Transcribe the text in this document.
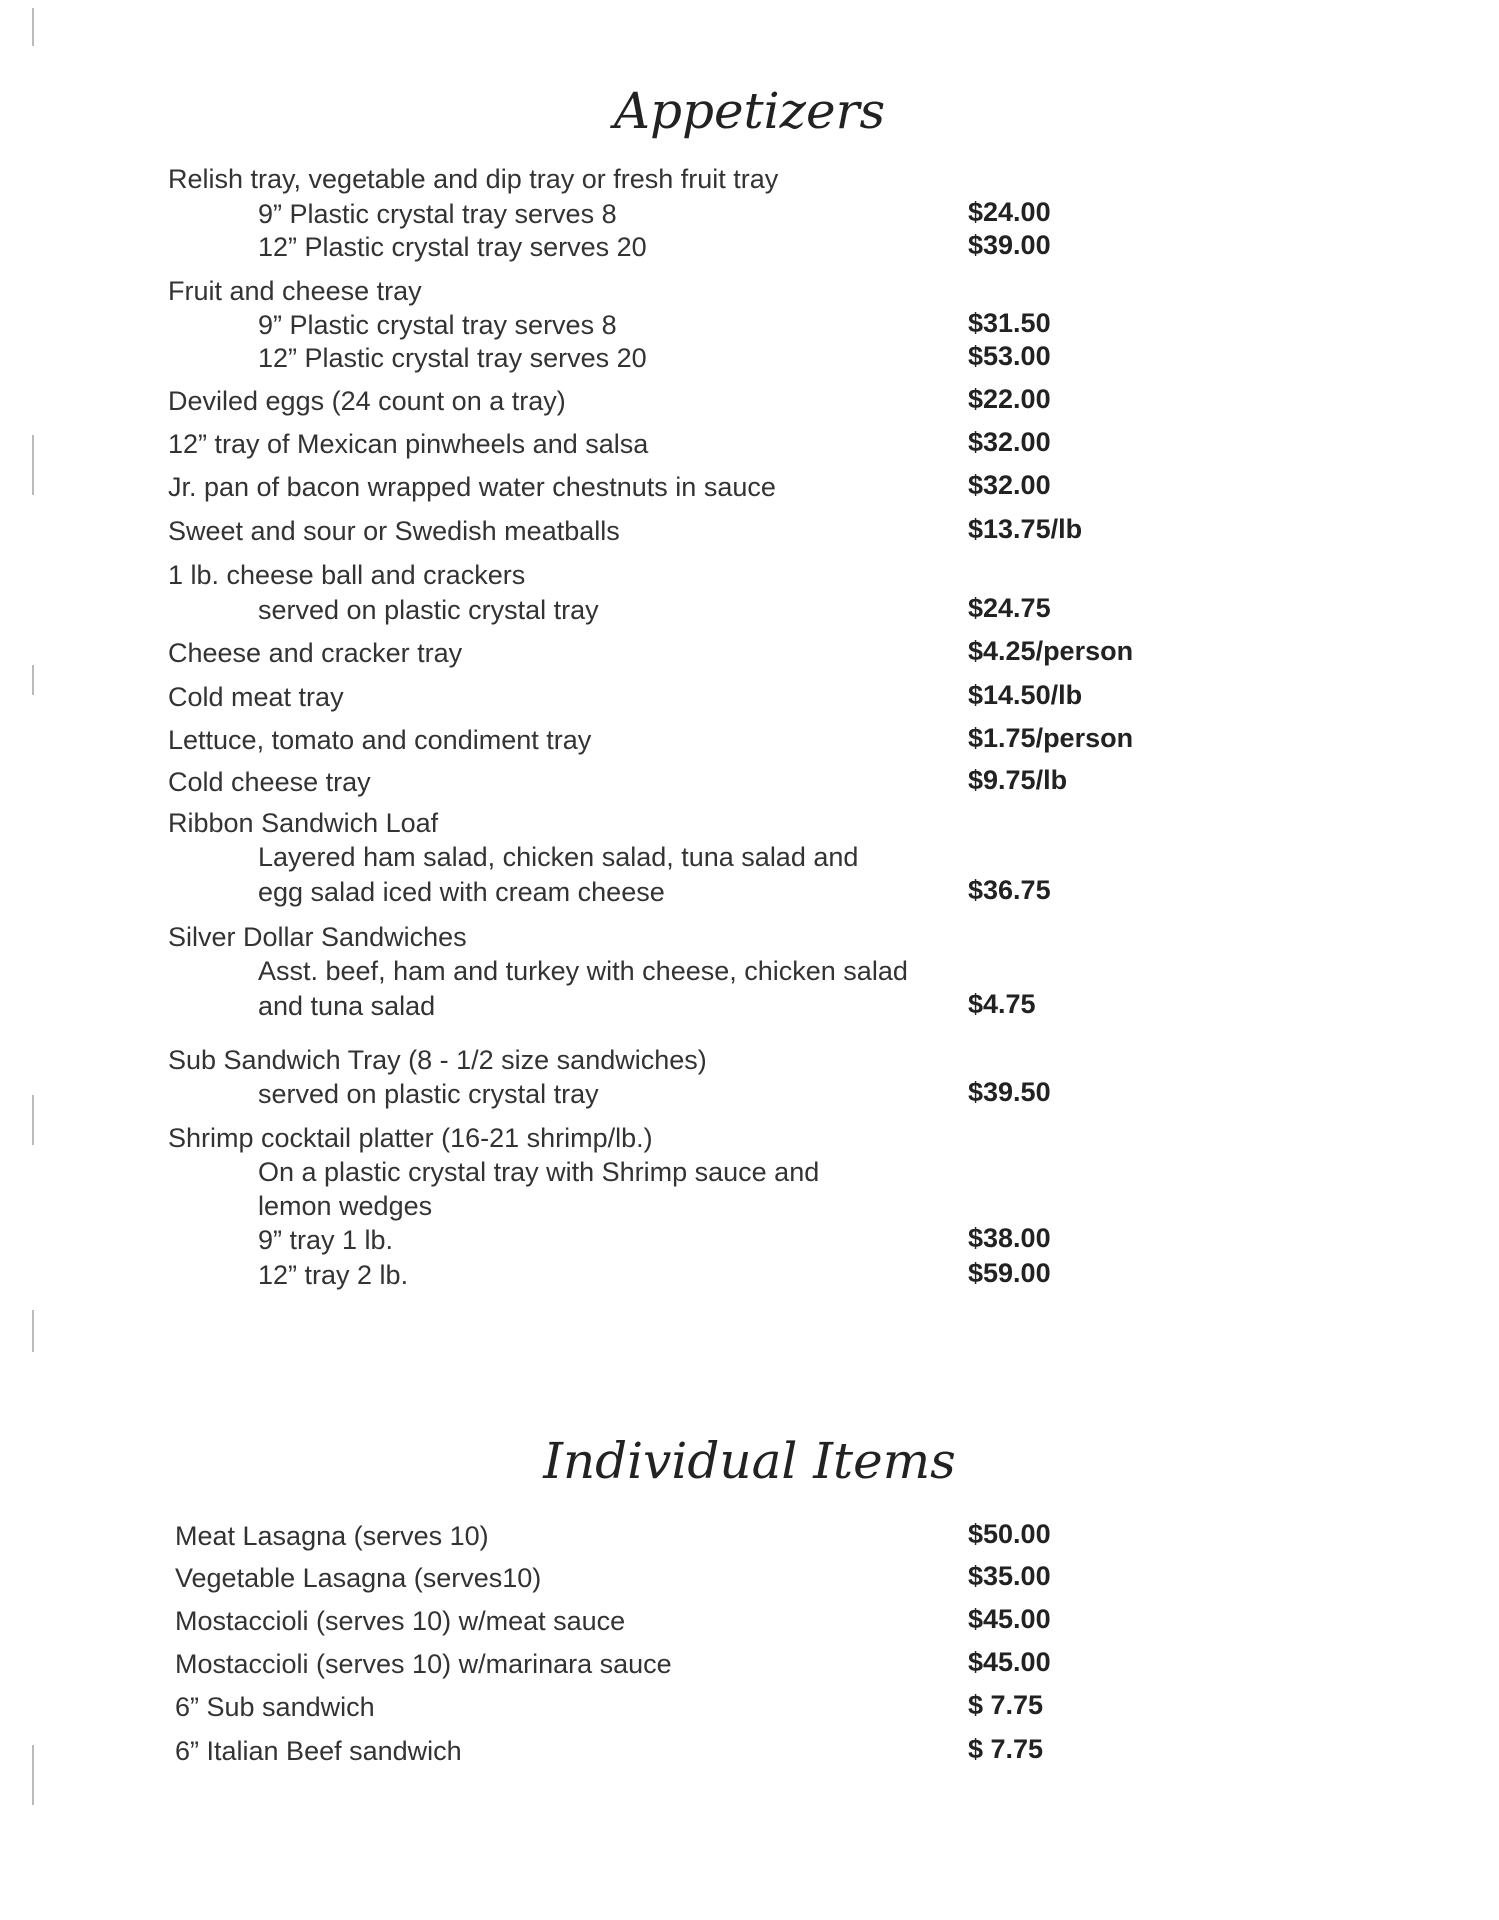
Appetizers
Relish tray, vegetable and dip tray or fresh fruit tray
9” Plastic crystal tray serves 8	$24.00
12” Plastic crystal tray serves 20	$39.00
Fruit and cheese tray
9” Plastic crystal tray serves 8	$31.50
12” Plastic crystal tray serves 20	$53.00
Deviled eggs (24 count on a tray)	$22.00
12” tray of Mexican pinwheels and salsa	$32.00
Jr. pan of bacon wrapped water chestnuts in sauce	$32.00
Sweet and sour or Swedish meatballs	$13.75/lb
1 lb. cheese ball and crackers
served on plastic crystal tray	$24.75
Cheese and cracker tray	$4.25/person
Cold meat tray	$14.50/lb
Lettuce, tomato and condiment tray	$1.75/person
Cold cheese tray	$9.75/lb
Ribbon Sandwich Loaf
Layered ham salad, chicken salad, tuna salad and
egg salad iced with cream cheese	$36.75
Silver Dollar Sandwiches
Asst. beef, ham and turkey with cheese, chicken salad
and tuna salad	$4.75
Sub Sandwich Tray (8 - 1/2 size sandwiches)
served on plastic crystal tray	$39.50
Shrimp cocktail platter (16-21 shrimp/lb.)
On a plastic crystal tray with Shrimp sauce and
lemon wedges
9” tray 1 lb.	$38.00
12” tray 2 lb.	$59.00
Individual Items
Meat Lasagna (serves 10)	$50.00
Vegetable Lasagna (serves10)	$35.00
Mostaccioli (serves 10) w/meat sauce	$45.00
Mostaccioli (serves 10) w/marinara sauce	$45.00
6” Sub sandwich	$ 7.75
6” Italian Beef sandwich	$ 7.75
